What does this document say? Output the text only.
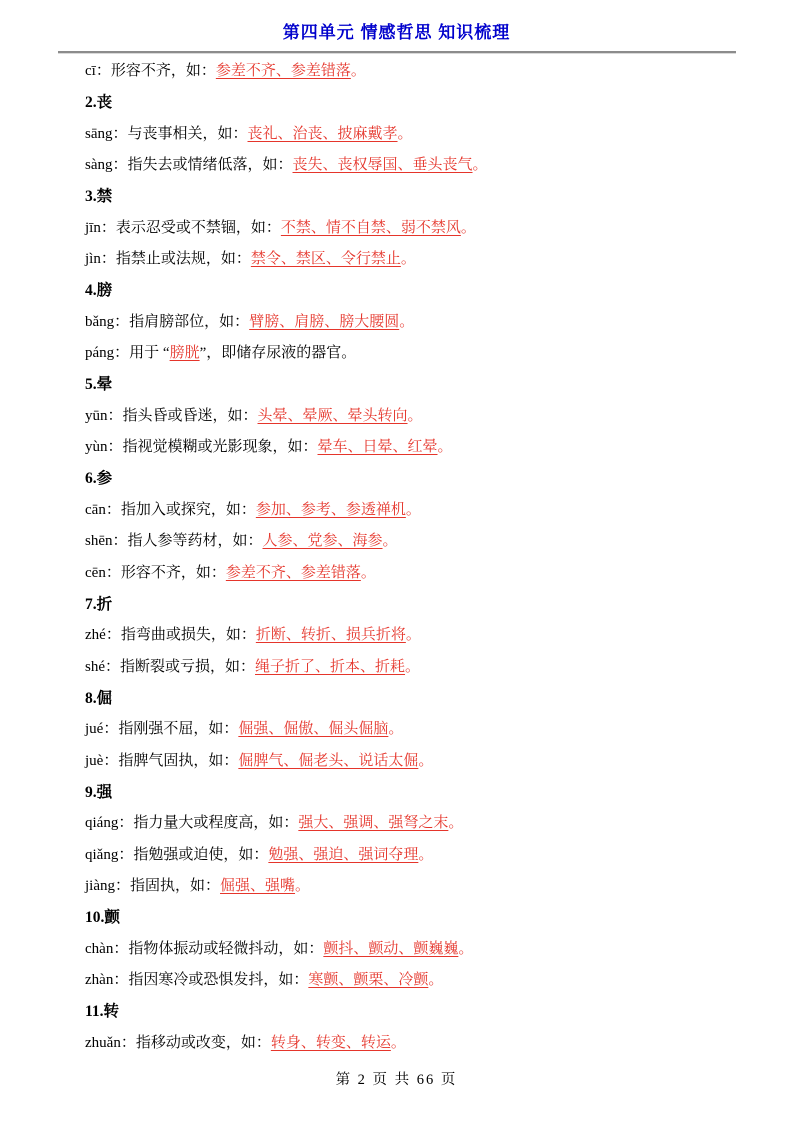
第四单元 情感哲思 知识梳理
cī：形容不齐，如：参差不齐、参差错落。
2.丧
sāng：与丧事相关，如：丧礼、治丧、披麻戴孝。
sàng：指失去或情绪低落，如：丧失、丧权辱国、垂头丧气。
3.禁
jīn：表示忍受或不禁锢，如：不禁、情不自禁、弱不禁风。
jìn：指禁止或法规，如：禁令、禁区、令行禁止。
4.膀
bǎng：指肩膀部位，如：臂膀、肩膀、膀大腰圆。
páng：用于 “膀胱”，即储存尿液的器官。
5.晕
yūn：指头昏或昏迷，如：头晕、晕厥、晕头转向。
yùn：指视觉模糊或光影现象，如：晕车、日晕、红晕。
6.参
cān：指加入或探究，如：参加、参考、参透禅机。
shēn：指人参等药材，如：人参、党参、海参。
cēn：形容不齐，如：参差不齐、参差错落。
7.折
zhé：指弯曲或损失，如：折断、转折、损兵折将。
shé：指断裂或亏损，如：绳子折了、折本、折耗。
8.倔
jué：指刚强不屈，如：倔强、倔傲、倔头倔脑。
juè：指脾气固执，如：倔脾气、倔老头、说话太倔。
9.强
qiáng：指力量大或程度高，如：强大、强调、强弩之末。
qiǎng：指勉强或迫使，如：勉强、强迫、强词夺理。
jiàng：指固执，如：倔强、强嘴。
10.颤
chàn：指物体振动或轻微抖动，如：颤抖、颤动、颤巍巍。
zhàn：指因寒冷或恐惧发抖，如：寒颤、颤栗、冷颤。
11.转
zhuǎn：指移动或改变，如：转身、转变、转运。
第 2 页 共 66 页
